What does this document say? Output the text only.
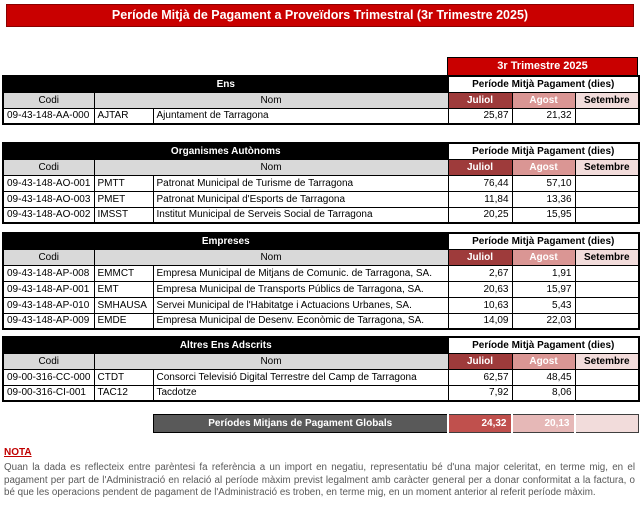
Període Mitjà de Pagament a Proveïdors Trimestral (3r Trimestre 2025)
3r Trimestre 2025
Ens			Període Mitjà Pagament (dies)		
Codi	Nom		Juliol	Agost	Setembre
09-43-148-AA-000	AJTAR	Ajuntament de Tarragona	25,87	21,32	
Organismes Autònoms			Període Mitjà Pagament (dies)		
Codi	Nom		Juliol	Agost	Setembre
09-43-148-AO-001	PMTT	Patronat Municipal de Turisme de Tarragona	76,44	57,10	
09-43-148-AO-003	PMET	Patronat Municipal d'Esports de Tarragona	11,84	13,36	
09-43-148-AO-002	IMSST	Institut Municipal de Serveis Social de Tarragona	20,25	15,95	
Empreses			Període Mitjà Pagament (dies)		
Codi	Nom		Juliol	Agost	Setembre
09-43-148-AP-008	EMMCT	Empresa Municipal de Mitjans de Comunic. de Tarragona, SA.	2,67	1,91	
09-43-148-AP-001	EMT	Empresa Municipal de Transports Públics de Tarragona, SA.	20,63	15,97	
09-43-148-AP-010	SMHAUSA	Servei Municipal de l'Habitatge i Actuacions Urbanes, SA.	10,63	5,43	
09-43-148-AP-009	EMDE	Empresa Municipal de Desenv. Econòmic de Tarragona, SA.	14,09	22,03	
Altres Ens Adscrits			Període Mitjà Pagament (dies)		
Codi	Nom		Juliol	Agost	Setembre
09-00-316-CC-000	CTDT	Consorci Televisió Digital Terrestre del Camp de Tarragona	62,57	48,45	
09-00-316-CI-001	TAC12	Tacdotze	7,92	8,06	
Períodes Mitjans de Pagament Globals	24,32	20,13	
NOTA
Quan la dada es reflecteix entre parèntesi fa referència a un import en negatiu, representatiu bé d'una major celeritat, en terme mig, en el pagament per part de l'Administració en relació al període màxim previst legalment amb caràcter general per a donar conformitat a la factura, o bé que les operacions pendent de pagament de l'Administració es troben, en terme mig, en un moment anterior al referit període màxim.
